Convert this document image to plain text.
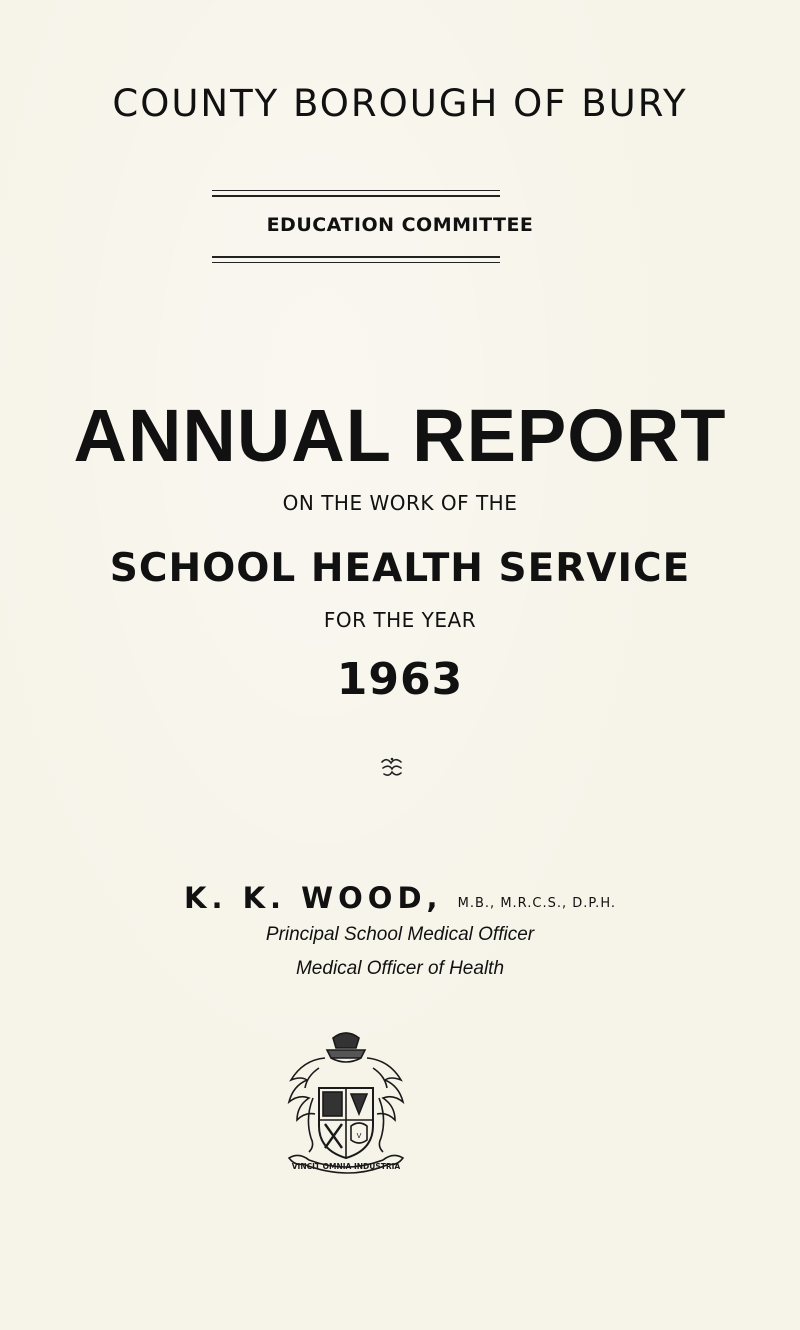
COUNTY BOROUGH OF BURY
EDUCATION COMMITTEE
ANNUAL REPORT
ON THE WORK OF THE
SCHOOL HEALTH SERVICE
FOR THE YEAR
1963
K. K. WOOD, M.B., M.R.C.S., D.P.H.
Principal School Medical Officer
Medical Officer of Health
V
VINCIT OMNIA INDUSTRIA
